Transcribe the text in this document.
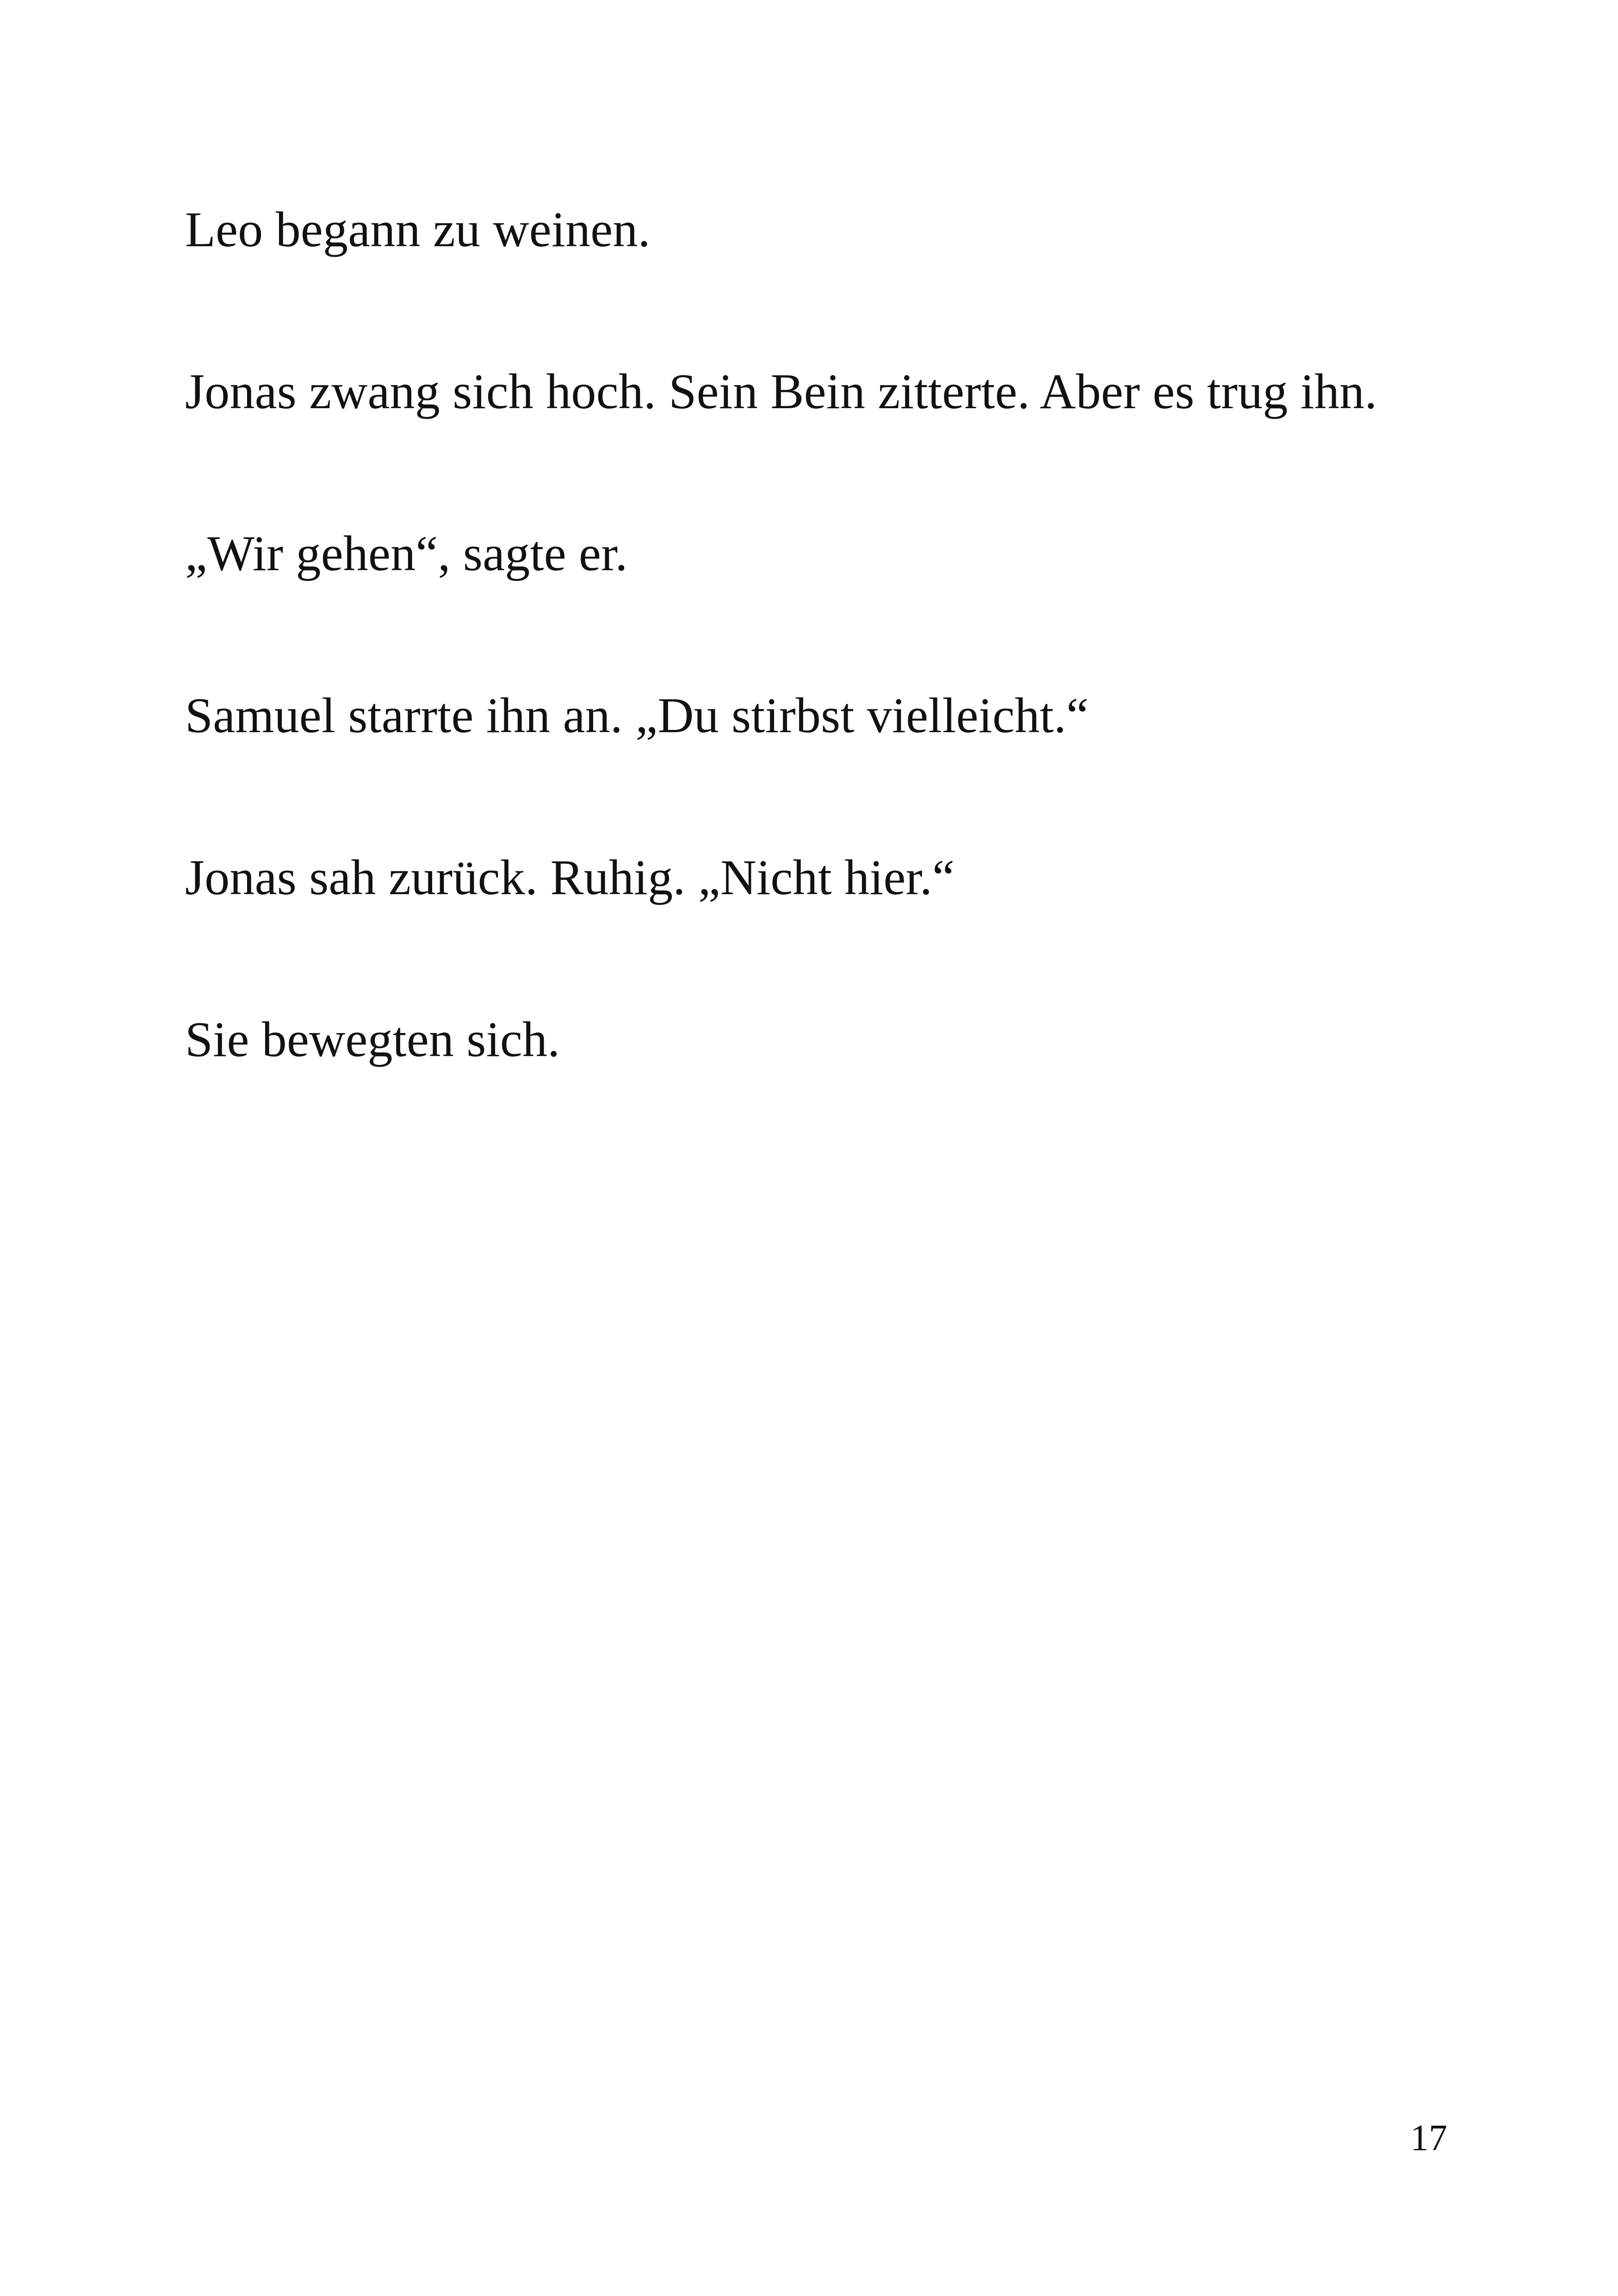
Leo begann zu weinen.

Jonas zwang sich hoch. Sein Bein zitterte. Aber es trug ihn.

„Wir gehen“, sagte er.

Samuel starrte ihn an. „Du stirbst vielleicht.“

Jonas sah zurück. Ruhig. „Nicht hier.“

Sie bewegten sich.

17
